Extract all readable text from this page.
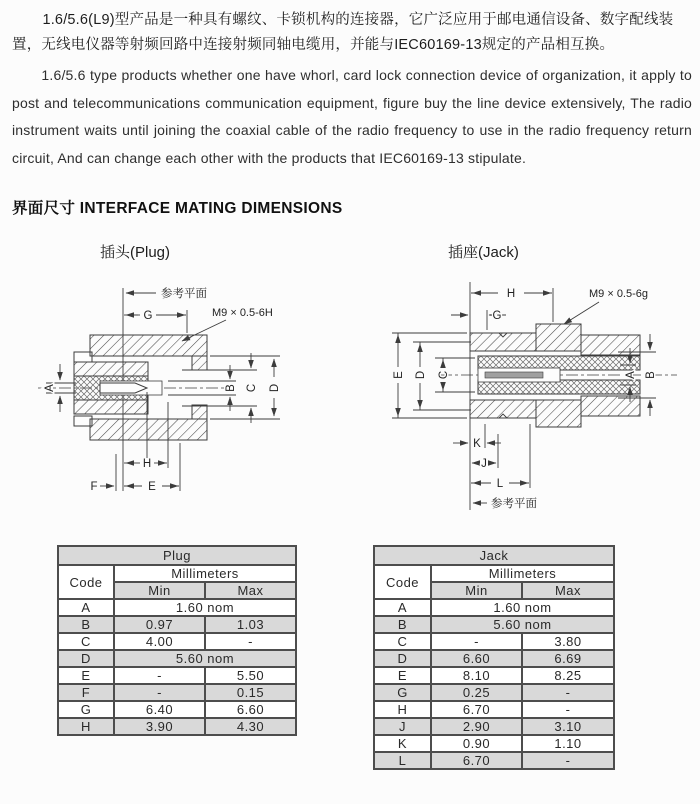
1.6/5.6(L9)型产品是一种具有螺纹、卡锁机构的连接器，它广泛应用于邮电通信设备、数字配线装置，无线电仪器等射频回路中连接射频同轴电缆用，并能与IEC60169-13规定的产品相互换。

1.6/5.6 type products whether one have whorl, card lock connection device of organization, it apply to post and telecommunications communication equipment, figure buy the line device extensively, The radio instrument waits until joining the coaxial cable of the radio frequency to use in the radio frequency return circuit, And can change each other with the products that IEC60169-13 stipulate.

界面尺寸 INTERFACE MATING DIMENSIONS
插头(Plug)	插座(Jack)
参考平面
M9 × 0.5-6H
G
A	B C D
H
F	E
H	M9 × 0.5-6g
G
E D C	A B
K
J
L
参考平面
Plug		
Code	Millimeters	
	Min	Max
A	1.60 nom	
B	0.97	1.03
C	4.00	-
D	5.60 nom	
E	-	5.50
F	-	0.15
G	6.40	6.60
H	3.90	4.30
Jack		
Code	Millimeters	
	Min	Max
A	1.60 nom	
B	5.60 nom	
C	-	3.80
D	6.60	6.69
E	8.10	8.25
G	0.25	-
H	6.70	-
J	2.90	3.10
K	0.90	1.10
L	6.70	-
